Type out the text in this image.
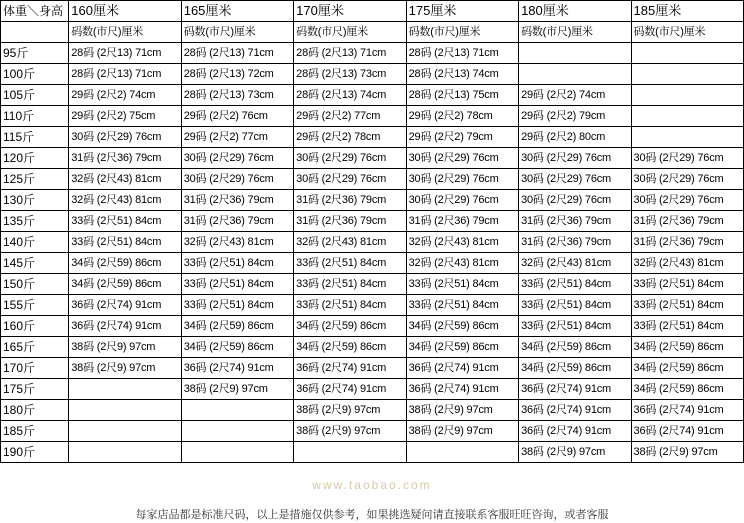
体重＼身高	160厘米	165厘米	170厘米	175厘米	180厘米	185厘米
	码数(市尺)厘米	码数(市尺)厘米	码数(市尺)厘米	码数(市尺)厘米	码数(市尺)厘米	码数(市尺)厘米
95斤	28码 (2尺13) 71cm	28码 (2尺13) 71cm	28码 (2尺13) 71cm	28码 (2尺13) 71cm		
100斤	28码 (2尺13) 71cm	28码 (2尺13) 72cm	28码 (2尺13) 73cm	28码 (2尺13) 74cm		
105斤	29码 (2尺2) 74cm	28码 (2尺13) 73cm	28码 (2尺13) 74cm	28码 (2尺13) 75cm	29码 (2尺2) 74cm	
110斤	29码 (2尺2) 75cm	29码 (2尺2) 76cm	29码 (2尺2) 77cm	29码 (2尺2) 78cm	29码 (2尺2) 79cm	
115斤	30码 (2尺29) 76cm	29码 (2尺2) 77cm	29码 (2尺2) 78cm	29码 (2尺2) 79cm	29码 (2尺2) 80cm	
120斤	31码 (2尺36) 79cm	30码 (2尺29) 76cm	30码 (2尺29) 76cm	30码 (2尺29) 76cm	30码 (2尺29) 76cm	30码 (2尺29) 76cm
125斤	32码 (2尺43) 81cm	30码 (2尺29) 76cm	30码 (2尺29) 76cm	30码 (2尺29) 76cm	30码 (2尺29) 76cm	30码 (2尺29) 76cm
130斤	32码 (2尺43) 81cm	31码 (2尺36) 79cm	31码 (2尺36) 79cm	30码 (2尺29) 76cm	30码 (2尺29) 76cm	30码 (2尺29) 76cm
135斤	33码 (2尺51) 84cm	31码 (2尺36) 79cm	31码 (2尺36) 79cm	31码 (2尺36) 79cm	31码 (2尺36) 79cm	31码 (2尺36) 79cm
140斤	33码 (2尺51) 84cm	32码 (2尺43) 81cm	32码 (2尺43) 81cm	32码 (2尺43) 81cm	31码 (2尺36) 79cm	31码 (2尺36) 79cm
145斤	34码 (2尺59) 86cm	33码 (2尺51) 84cm	33码 (2尺51) 84cm	32码 (2尺43) 81cm	32码 (2尺43) 81cm	32码 (2尺43) 81cm
150斤	34码 (2尺59) 86cm	33码 (2尺51) 84cm	33码 (2尺51) 84cm	33码 (2尺51) 84cm	33码 (2尺51) 84cm	33码 (2尺51) 84cm
155斤	36码 (2尺74) 91cm	33码 (2尺51) 84cm	33码 (2尺51) 84cm	33码 (2尺51) 84cm	33码 (2尺51) 84cm	33码 (2尺51) 84cm
160斤	36码 (2尺74) 91cm	34码 (2尺59) 86cm	34码 (2尺59) 86cm	34码 (2尺59) 86cm	33码 (2尺51) 84cm	33码 (2尺51) 84cm
165斤	38码 (2尺9) 97cm	34码 (2尺59) 86cm	34码 (2尺59) 86cm	34码 (2尺59) 86cm	34码 (2尺59) 86cm	34码 (2尺59) 86cm
170斤	38码 (2尺9) 97cm	36码 (2尺74) 91cm	36码 (2尺74) 91cm	36码 (2尺74) 91cm	34码 (2尺59) 86cm	34码 (2尺59) 86cm
175斤		38码 (2尺9) 97cm	36码 (2尺74) 91cm	36码 (2尺74) 91cm	36码 (2尺74) 91cm	34码 (2尺59) 86cm
180斤			38码 (2尺9) 97cm	38码 (2尺9) 97cm	36码 (2尺74) 91cm	36码 (2尺74) 91cm
185斤			38码 (2尺9) 97cm	38码 (2尺9) 97cm	36码 (2尺74) 91cm	36码 (2尺74) 91cm
190斤					38码 (2尺9) 97cm	38码 (2尺9) 97cm
www.taobao.com
每家店品都是标准尺码，以上是措施仅供参考，如果挑选疑问请直接联系客服旺旺咨询，或者客服
